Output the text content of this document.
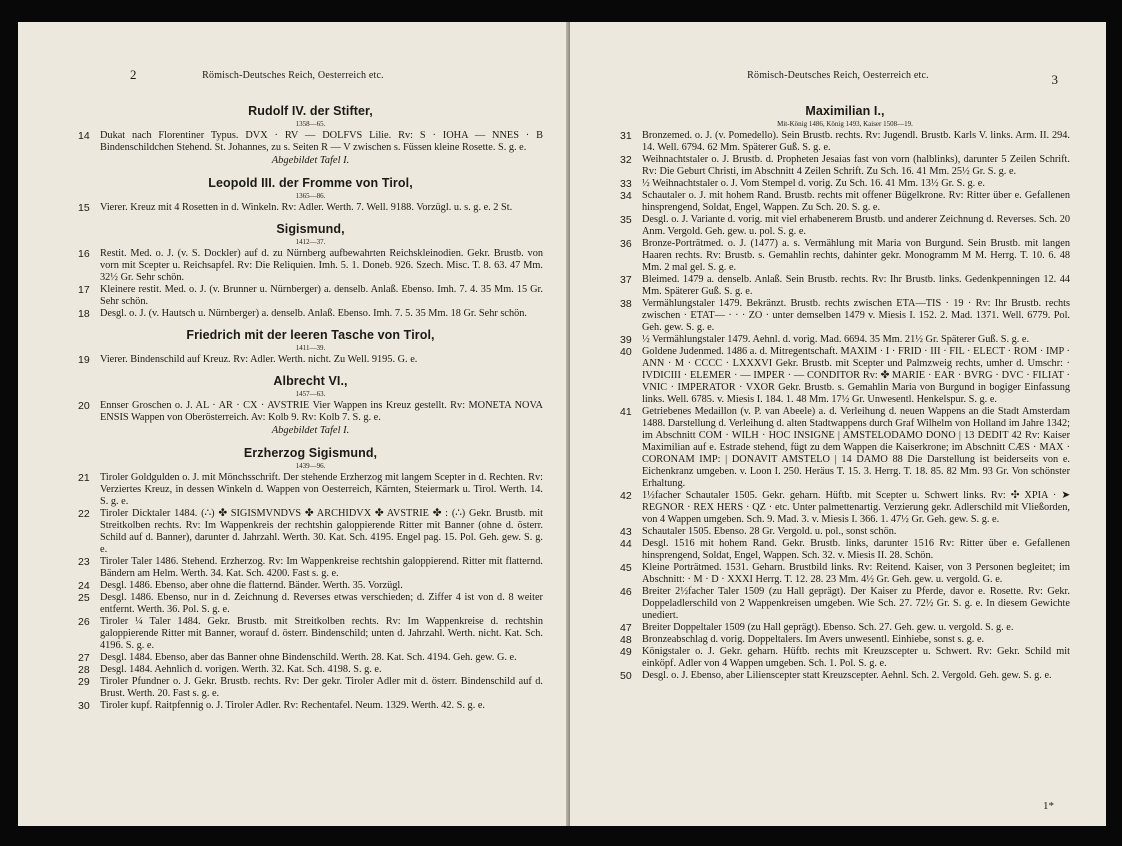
2	Römisch-Deutsches Reich, Oesterreich etc.
Rudolf IV. der Stifter,
1358—65.

14 Dukat nach Florentiner Typus. DVX · RV — DOLFVS Lilie. Rv: S · IOHA — NNES · B Bindenschildchen Stehend. St. Johannes, zu s. Seiten R — V zwischen s. Füssen kleine Rosette. S. g. e.

Abgebildet Tafel I.
Leopold III. der Fromme von Tirol,
1365—86.

15 Vierer. Kreuz mit 4 Rosetten in d. Winkeln. Rv: Adler. Werth. 7. Well. 9188. Vorzügl. u. s. g. e. 2 St.

Sigismund,
1412—37.

16 Restit. Med. o. J. (v. S. Dockler) auf d. zu Nürnberg aufbewahrten Reichskleinodien. Gekr. Brustb. von vorn mit Scepter u. Reichsapfel. Rv: Die Reliquien. Imh. 5. 1. Doneb. 926. Szech. Misc. T. 8. 63. 47 Mm. 32½ Gr. Sehr schön.

17 Kleinere restit. Med. o. J. (v. Brunner u. Nürnberger) a. denselb. Anlaß. Ebenso. Imh. 7. 4. 35 Mm. 15 Gr. Sehr schön.

18 Desgl. o. J. (v. Hautsch u. Nürnberger) a. denselb. Anlaß. Ebenso. Imh. 7. 5. 35 Mm. 18 Gr. Sehr schön.

Friedrich mit der leeren Tasche von Tirol,
1411—39.

19 Vierer. Bindenschild auf Kreuz. Rv: Adler. Werth. nicht. Zu Well. 9195. G. e.

Albrecht VI.,
1457—63.

20 Ennser Groschen o. J. AL · AR · CX · AVSTRIE Vier Wappen ins Kreuz gestellt. Rv: MONETA NOVA ENSIS Wappen von Oberösterreich. Av: Kolb 9. Rv: Kolb 7. S. g. e.

Abgebildet Tafel I.
Erzherzog Sigismund,
1439—96.

21 Tiroler Goldgulden o. J. mit Mönchsschrift. Der stehende Erzherzog mit langem Scepter in d. Rechten. Rv: Verziertes Kreuz, in dessen Winkeln d. Wappen von Oesterreich, Kärnten, Steiermark u. Tirol. Werth. 14. S. g. e.

22 Tiroler Dicktaler 1484. (∴) ✤ SIGISMVNDVS ✤ ARCHIDVX ✤ AVSTRIE ✤ : (∴) Gekr. Brustb. mit Streitkolben rechts. Rv: Im Wappenkreis der rechtshin galoppierende Ritter mit Banner (ohne d. österr. Schild auf d. Banner), darunter d. Jahrzahl. Werth. 30. Kat. Sch. 4195. Engel pag. 15. Pol. Geh. gew. S. g. e.

23 Tiroler Taler 1486. Stehend. Erzherzog. Rv: Im Wappenkreise rechtshin galoppierend. Ritter mit flatternd. Bändern am Helm. Werth. 34. Kat. Sch. 4200. Fast s. g. e.

24 Desgl. 1486. Ebenso, aber ohne die flatternd. Bänder. Werth. 35. Vorzügl.

25 Desgl. 1486. Ebenso, nur in d. Zeichnung d. Reverses etwas verschieden; d. Ziffer 4 ist von d. 8 weiter entfernt. Werth. 36. Pol. S. g. e.

26 Tiroler ¼ Taler 1484. Gekr. Brustb. mit Streitkolben rechts. Rv: Im Wappenkreise d. rechtshin galoppierende Ritter mit Banner, worauf d. österr. Bindenschild; unten d. Jahrzahl. Werth. nicht. Kat. Sch. 4196. S. g. e.

27 Desgl. 1484. Ebenso, aber das Banner ohne Bindenschild. Werth. 28. Kat. Sch. 4194. Geh. gew. G. e.

28 Desgl. 1484. Aehnlich d. vorigen. Werth. 32. Kat. Sch. 4198. S. g. e.

29 Tiroler Pfundner o. J. Gekr. Brustb. rechts. Rv: Der gekr. Tiroler Adler mit d. österr. Bindenschild auf d. Brust. Werth. 20. Fast s. g. e.

30 Tiroler kupf. Raitpfennig o. J. Tiroler Adler. Rv: Rechentafel. Neum. 1329. Werth. 42. S. g. e.

Römisch-Deutsches Reich, Oesterreich etc.	3
Maximilian I.,
Mit-König 1486, König 1493, Kaiser 1508—19.

31 Bronzemed. o. J. (v. Pomedello). Sein Brustb. rechts. Rv: Jugendl. Brustb. Karls V. links. Arm. II. 294. 14. Well. 6794. 62 Mm. Späterer Guß. S. g. e.

32 Weihnachtstaler o. J. Brustb. d. Propheten Jesaias fast von vorn (halblinks), darunter 5 Zeilen Schrift. Rv: Die Geburt Christi, im Abschnitt 4 Zeilen Schrift. Zu Sch. 16. 41 Mm. 25½ Gr. S. g. e.

33 ½ Weihnachtstaler o. J. Vom Stempel d. vorig. Zu Sch. 16. 41 Mm. 13½ Gr. S. g. e.

34 Schautaler o. J. mit hohem Rand. Brustb. rechts mit offener Bügelkrone. Rv: Ritter über e. Gefallenen hinsprengend, Soldat, Engel, Wappen. Zu Sch. 20. S. g. e.

35 Desgl. o. J. Variante d. vorig. mit viel erhabenerem Brustb. und anderer Zeichnung d. Reverses. Sch. 20 Anm. Vergold. Geh. gew. u. pol. S. g. e.

36 Bronze-Porträtmed. o. J. (1477) a. s. Vermählung mit Maria von Burgund. Sein Brustb. mit langen Haaren rechts. Rv: Brustb. s. Gemahlin rechts, dahinter gekr. Monogramm M M. Herrg. T. 10. 6. 48 Mm. 2 mal gel. S. g. e.

37 Bleimed. 1479 a. denselb. Anlaß. Sein Brustb. rechts. Rv: Ihr Brustb. links. Gedenkpenningen 12. 44 Mm. Späterer Guß. S. g. e.

38 Vermählungstaler 1479. Bekränzt. Brustb. rechts zwischen ETA—TIS · 19 · Rv: Ihr Brustb. rechts zwischen · ETAT— · · · ZO · unter demselben 1479 v. Miesis I. 152. 2. Mad. 1371. Well. 6779. Pol. Geh. gew. S. g. e.

39 ½ Vermählungstaler 1479. Aehnl. d. vorig. Mad. 6694. 35 Mm. 21½ Gr. Späterer Guß. S. g. e.

40 Goldene Judenmed. 1486 a. d. Mitregentschaft. MAXIM · I · FRID · III · FIL · ELECT · ROM · IMP · ANN · M · CCCC · LXXXVI Gekr. Brustb. mit Scepter und Palmzweig rechts, umher d. Umschr: · IVDICIII · ELEMER · — IMPER · — CONDITOR Rv: ✤ MARIE · EAR · BVRG · DVC · FILIAT · VNIC · IMPERATOR · VXOR Gekr. Brustb. s. Gemahlin Maria von Burgund in bogiger Einfassung links. Well. 6785. v. Miesis I. 184. 1. 48 Mm. 17½ Gr. Unwesentl. Henkelspur. S. g. e.

41 Getriebenes Medaillon (v. P. van Abeele) a. d. Verleihung d. neuen Wappens an die Stadt Amsterdam 1488. Darstellung d. Verleihung d. alten Stadtwappens durch Graf Wilhelm von Holland im Jahre 1342; im Abschnitt COM · WILH · HOC INSIGNE | AMSTELODAMO DONO | 13 DEDIT 42 Rv: Kaiser Maximilian auf e. Estrade stehend, fügt zu dem Wappen die Kaiserkrone; im Abschnitt CÆS · MAX · CORONAM IMP: | DONAVIT AMSTELO | 14 DAMO 88 Die Darstellung ist beiderseits von e. Eichenkranz umgeben. v. Loon I. 250. Heräus T. 15. 3. Herrg. T. 18. 85. 82 Mm. 93 Gr. Von schönster Erhaltung.

42 1½facher Schautaler 1505. Gekr. geharn. Hüftb. mit Scepter u. Schwert links. Rv: ✣ XPIA · ➤ REGNOR · REX HERS · QZ · etc. Unter palmettenartig. Verzierung gekr. Adlerschild mit Vließorden, von 4 Wappen umgeben. Sch. 9. Mad. 3. v. Miesis I. 366. 1. 47½ Gr. Geh. gew. S. g. e.

43 Schautaler 1505. Ebenso. 28 Gr. Vergold. u. pol., sonst schön.

44 Desgl. 1516 mit hohem Rand. Gekr. Brustb. links, darunter 1516 Rv: Ritter über e. Gefallenen hinsprengend, Soldat, Engel, Wappen. Sch. 32. v. Miesis II. 28. Schön.

45 Kleine Porträtmed. 1531. Geharn. Brustbild links. Rv: Reitend. Kaiser, von 3 Personen begleitet; im Abschnitt: · M · D · XXXI Herrg. T. 12. 28. 23 Mm. 4½ Gr. Geh. gew. u. vergold. G. e.

46 Breiter 2½facher Taler 1509 (zu Hall geprägt). Der Kaiser zu Pferde, davor e. Rosette. Rv: Gekr. Doppeladlerschild von 2 Wappenkreisen umgeben. Wie Sch. 27. 72½ Gr. S. g. e. In diesem Gewichte unediert.

47 Breiter Doppeltaler 1509 (zu Hall geprägt). Ebenso. Sch. 27. Geh. gew. u. vergold. S. g. e.

48 Bronzeabschlag d. vorig. Doppeltalers. Im Avers unwesentl. Einhiebe, sonst s. g. e.

49 Königstaler o. J. Gekr. geharn. Hüftb. rechts mit Kreuzscepter u. Schwert. Rv: Gekr. Schild mit einköpf. Adler von 4 Wappen umgeben. Sch. 1. Pol. S. g. e.

50 Desgl. o. J. Ebenso, aber Lilienscepter statt Kreuzscepter. Aehnl. Sch. 2. Vergold. Geh. gew. S. g. e.

1*
